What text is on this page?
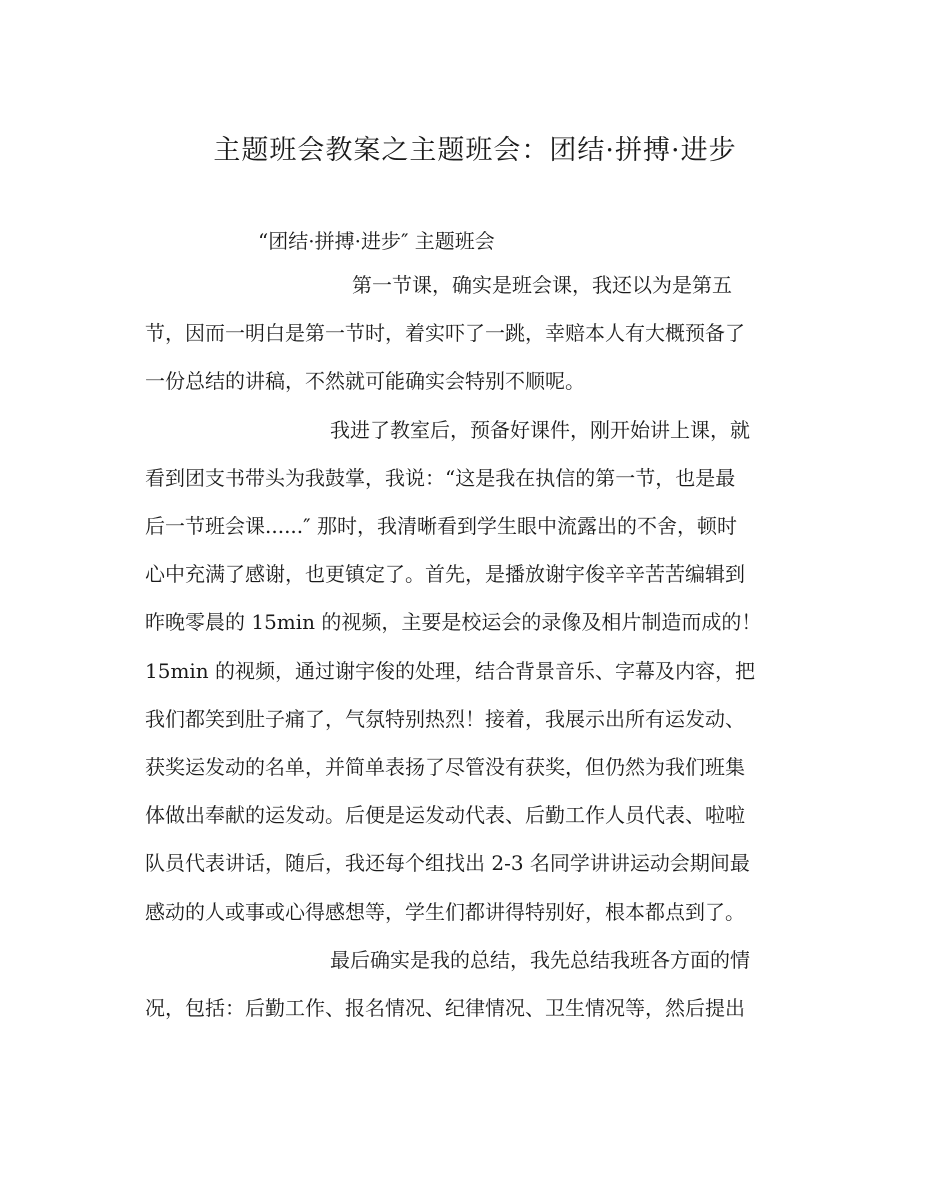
主题班会教案之主题班会：团结·拼搏·进步
“团结·拼搏·进步″ 主题班会
第一节课，确实是班会课，我还以为是第五
节，因而一明白是第一节时，着实吓了一跳，幸赔本人有大概预备了
一份总结的讲稿，不然就可能确实会特别不顺呢。
我进了教室后，预备好课件，刚开始讲上课，就
看到团支书带头为我鼓掌，我说：“这是我在执信的第一节，也是最
后一节班会课......″ 那时，我清晰看到学生眼中流露出的不舍，顿时
心中充满了感谢，也更镇定了。首先，是播放谢宇俊辛辛苦苦编辑到
昨晚零晨的 15min 的视频，主要是校运会的录像及相片制造而成的！
15min 的视频，通过谢宇俊的处理，结合背景音乐、字幕及内容，把
我们都笑到肚子痛了，气氛特别热烈！接着，我展示出所有运发动、
获奖运发动的名单，并简单表扬了尽管没有获奖，但仍然为我们班集
体做出奉献的运发动。后便是运发动代表、后勤工作人员代表、啦啦
队员代表讲话，随后，我还每个组找出 2-3 名同学讲讲运动会期间最
感动的人或事或心得感想等，学生们都讲得特别好，根本都点到了。
最后确实是我的总结，我先总结我班各方面的情
况，包括：后勤工作、报名情况、纪律情况、卫生情况等，然后提出
